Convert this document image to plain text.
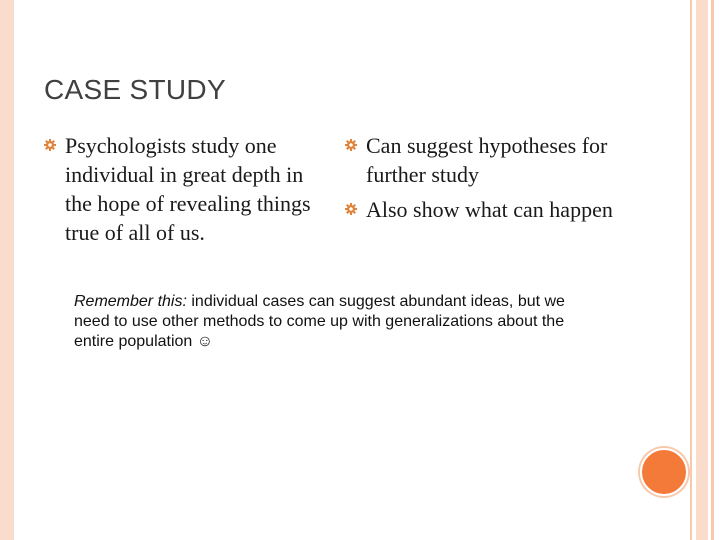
CASE STUDY
Psychologists study one individual in great depth in the hope of revealing things true of all of us.
Can suggest hypotheses for further study
Also show what can happen
Remember this: individual cases can suggest abundant ideas, but we need to use other methods to come up with generalizations about the entire population ☺
